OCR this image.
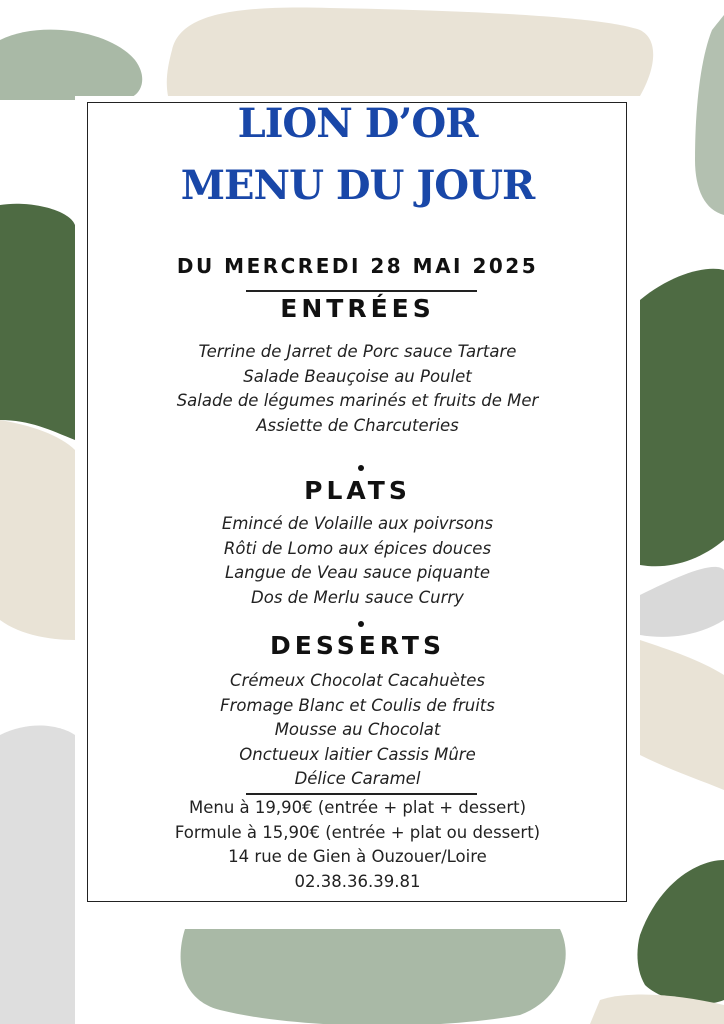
LION D’OR
MENU DU JOUR
DU MERCREDI 28 MAI 2025
ENTRÉES
Terrine de Jarret de Porc sauce Tartare
Salade Beauçoise au Poulet
Salade de légumes marinés et fruits de Mer
Assiette de Charcuteries
PLATS
Emincé de Volaille aux poivrsons
Rôti de Lomo aux épices douces
Langue de Veau sauce piquante
Dos de Merlu sauce Curry
DESSERTS
Crémeux Chocolat Cacahuètes
Fromage Blanc et Coulis de fruits
Mousse au Chocolat
Onctueux laitier Cassis Mûre
Délice Caramel
Menu à 19,90€ (entrée + plat + dessert)
Formule à 15,90€ (entrée + plat ou dessert)
14 rue de Gien à Ouzouer/Loire
02.38.36.39.81
